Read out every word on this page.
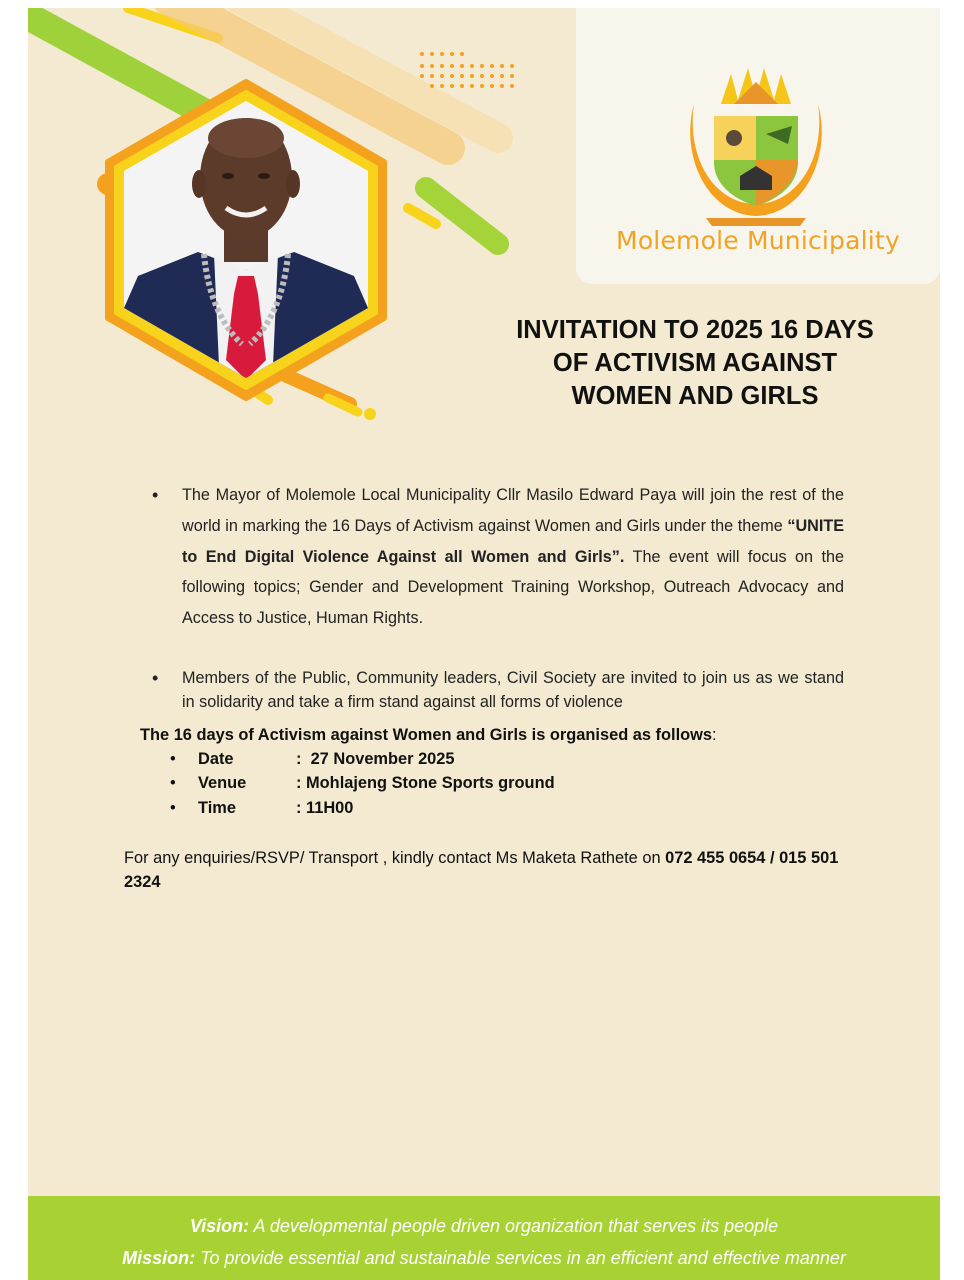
Molemole Municipality
INVITATION TO 2025 16 DAYS
OF ACTIVISM AGAINST
WOMEN AND GIRLS
• The Mayor of Molemole Local Municipality Cllr Masilo Edward Paya will join the rest of the world in marking the 16 Days of Activism against Women and Girls under the theme “UNITE to End Digital Violence Against all Women and Girls”. The event will focus on the following topics; Gender and Development Training Workshop, Outreach Advocacy and Access to Justice, Human Rights.
• Members of the Public, Community leaders, Civil Society are invited to join us as we stand    in solidarity and take a firm stand against all forms of violence
The 16 days of Activism against Women and Girls is organised as follows:
• Date	:  27 November 2025
• Venue	: Mohlajeng Stone Sports ground
• Time	: 11H00
For any enquiries/RSVP/ Transport , kindly contact Ms Maketa Rathete on 072 455 0654 / 015 501 2324
Vision: A developmental people driven organization that serves its people
Mission: To provide essential and sustainable services in an efficient and effective manner
